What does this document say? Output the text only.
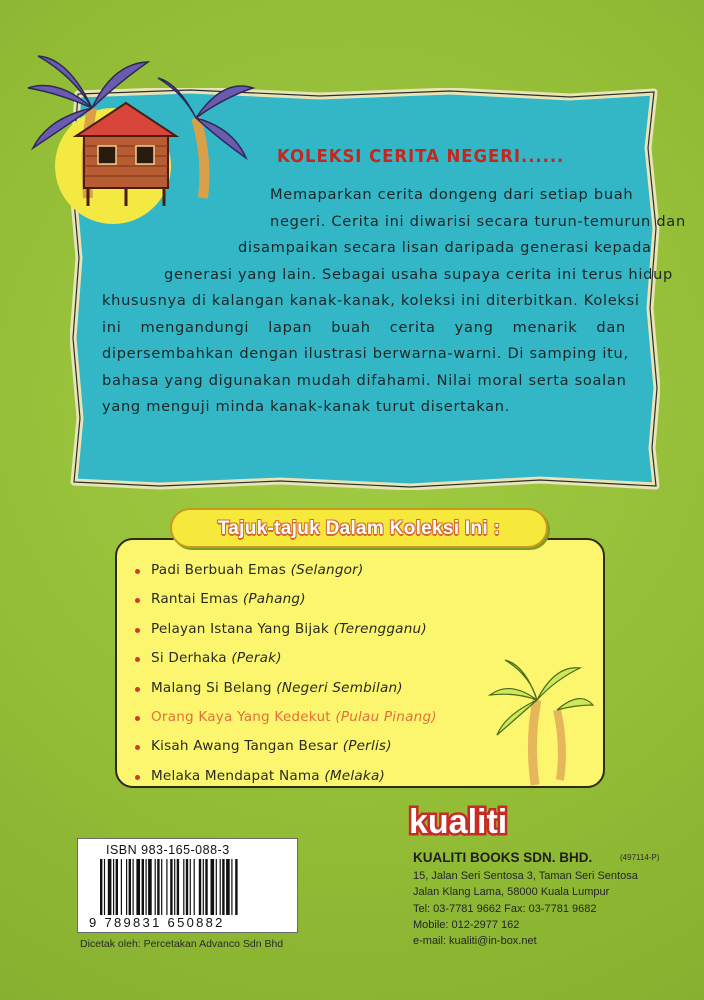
KOLEKSI CERITA NEGERI......
Memaparkan cerita dongeng dari setiap buah
negeri. Cerita ini diwarisi secara turun-temurun dan
disampaikan secara lisan daripada generasi kepada
generasi yang lain. Sebagai usaha supaya cerita ini terus hidup
khususnya di kalangan kanak-kanak, koleksi ini diterbitkan. Koleksi
ini mengandungi lapan buah cerita yang menarik dan
dipersembahkan dengan ilustrasi berwarna-warni. Di samping itu,
bahasa yang digunakan mudah difahami. Nilai moral serta soalan
yang menguji minda kanak-kanak turut disertakan.
Padi Berbuah Emas (Selangor)
Rantai Emas (Pahang)
Pelayan Istana Yang Bijak (Terengganu)
Si Derhaka (Perak)
Malang Si Belang (Negeri Sembilan)
Orang Kaya Yang Kedekut (Pulau Pinang)
Kisah Awang Tangan Besar (Perlis)
Melaka Mendapat Nama (Melaka)
Tajuk-tajuk Dalam Koleksi Ini :
kualiti
KUALITI BOOKS SDN. BHD.	(497114-P)
15, Jalan Seri Sentosa 3, Taman Seri Sentosa
Jalan Klang Lama, 58000 Kuala Lumpur
Tel: 03-7781 9662 Fax: 03-7781 9682
Mobile: 012-2977 162
e-mail: kualiti@in-box.net
ISBN 983-165-088-3
9 789831 650882
Dicetak oleh: Percetakan Advanco Sdn Bhd
